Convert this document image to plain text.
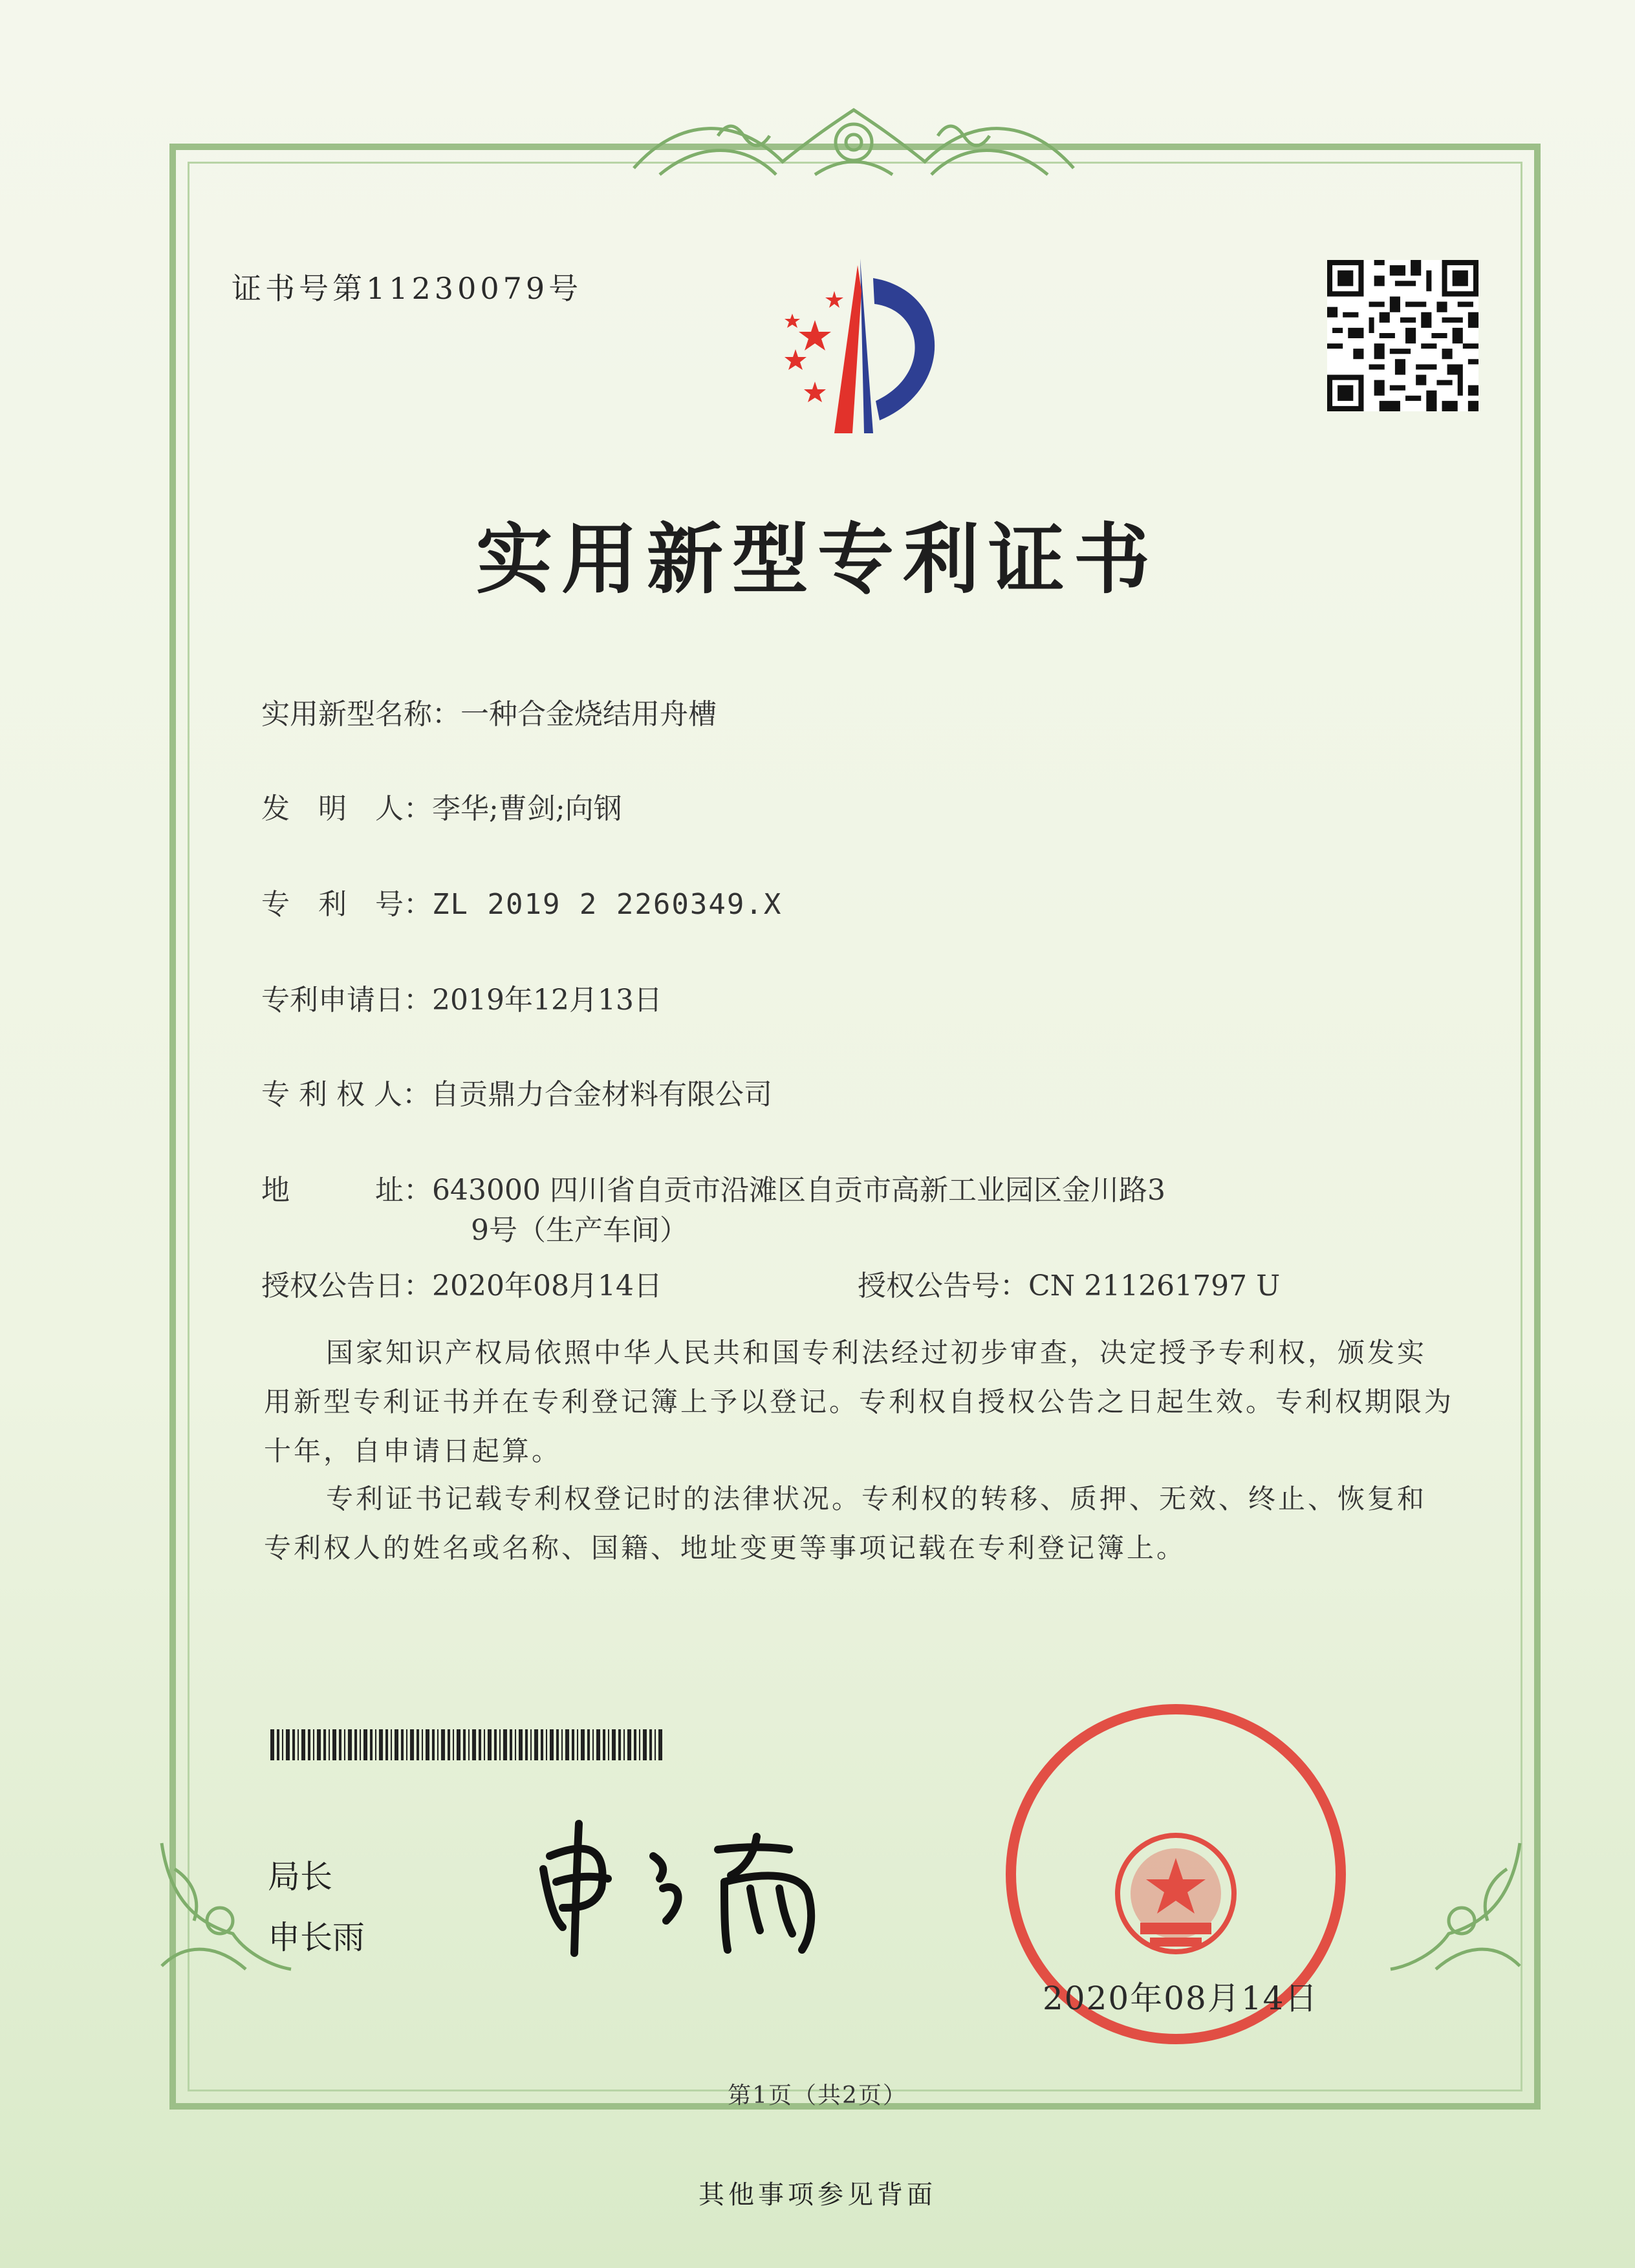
证书号第11230079号
实用新型专利证书
实用新型名称：一种合金烧结用舟槽
发　明　人：李华;曹剑;向钢
专　利　号：ZL 2019 2 2260349.X
专利申请日：2019年12月13日
专 利 权 人：自贡鼎力合金材料有限公司
地　　　址：643000 四川省自贡市沿滩区自贡市高新工业园区金川路3
9号（生产车间）
授权公告日：2020年08月14日	授权公告号：CN 211261797 U

国家知识产权局依照中华人民共和国专利法经过初步审查，决定授予专利权，颁发实用新型专利证书并在专利登记簿上予以登记。专利权自授权公告之日起生效。专利权期限为十年，自申请日起算。

专利证书记载专利权登记时的法律状况。专利权的转移、质押、无效、终止、恢复和专利权人的姓名或名称、国籍、地址变更等事项记载在专利登记簿上。

局长
申长雨
2020年08月14日
第1页（共2页）
其他事项参见背面
